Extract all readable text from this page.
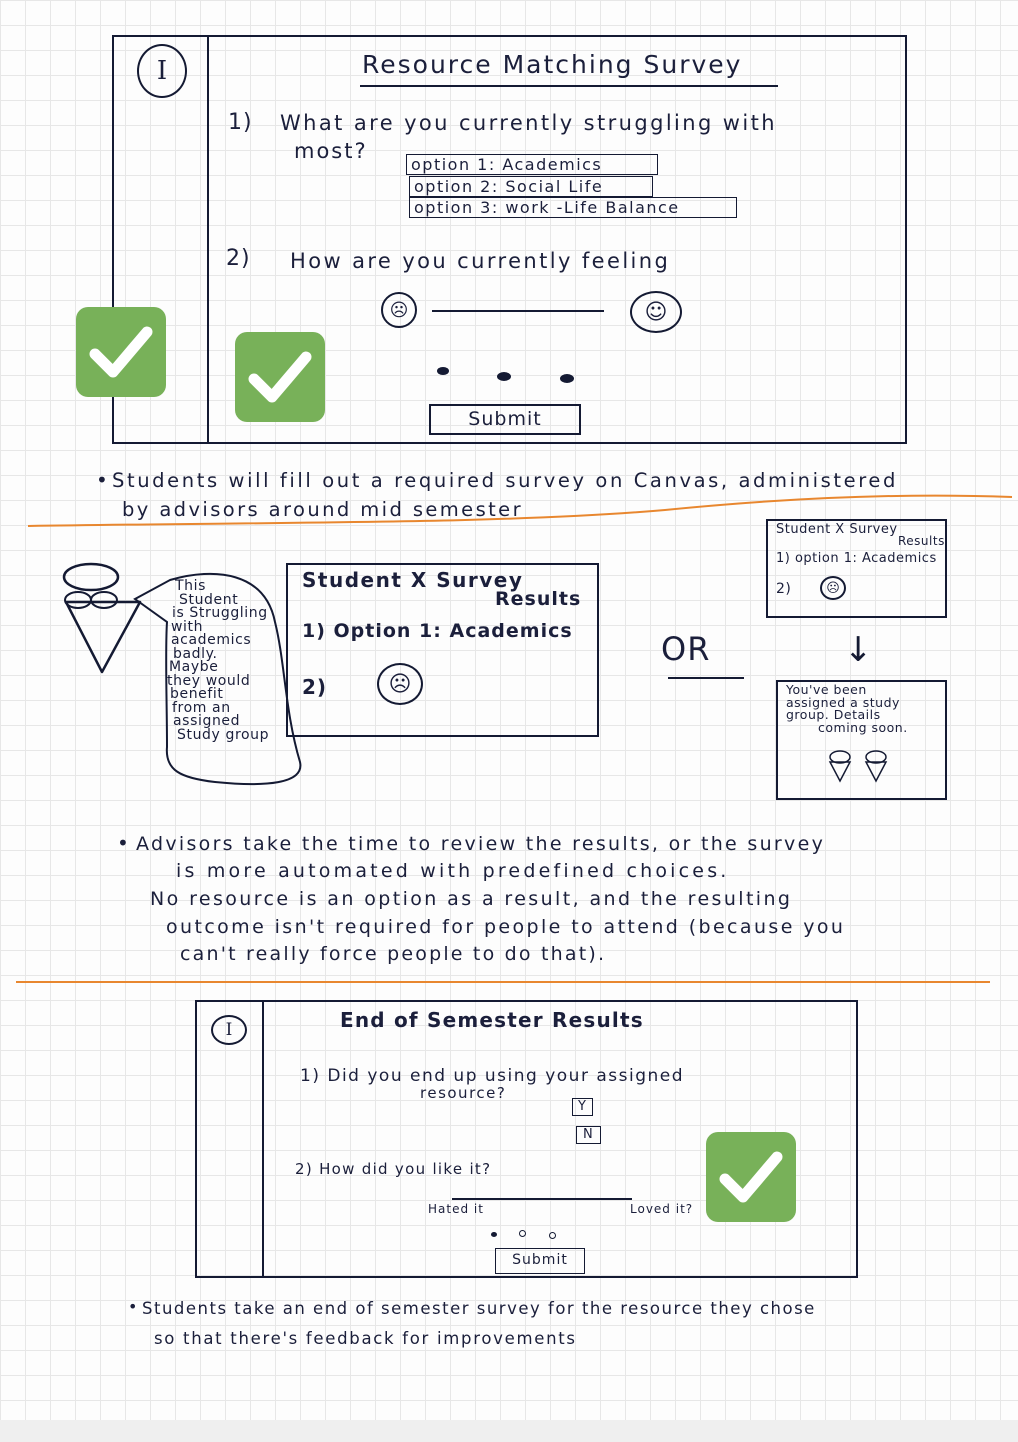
I	Resource Matching Survey
1) What are you currently struggling with
most?
option 1: Academics
option 2: Social Life
option 3: work -Life Balance
2) How are you currently feeling
☹	☺
Submit
• Students will fill out a required survey on Canvas, administered
by advisors around mid semester
This
Student
is Struggling
with
academics
badly.
Maybe
they would
benefit
from an
assigned
Study group
Student X Survey
Results
1) Option 1: Academics
2)	☹
OR
Student X Survey
Results
1) option 1: Academics
2)	☹
↓
You've been
assigned a study
group. Details
coming soon.
• Advisors take the time to review the results, or the survey
is more automated with predefined choices.
No resource is an option as a result, and the resulting
outcome isn't required for people to attend (because you
can't really force people to do that).
I	End of Semester Results
1) Did you end up using your assigned
resource?
Y
N
2) How did you like it?
Hated it	Loved it?
Submit
• Students take an end of semester survey for the resource they chose
so that there's feedback for improvements
